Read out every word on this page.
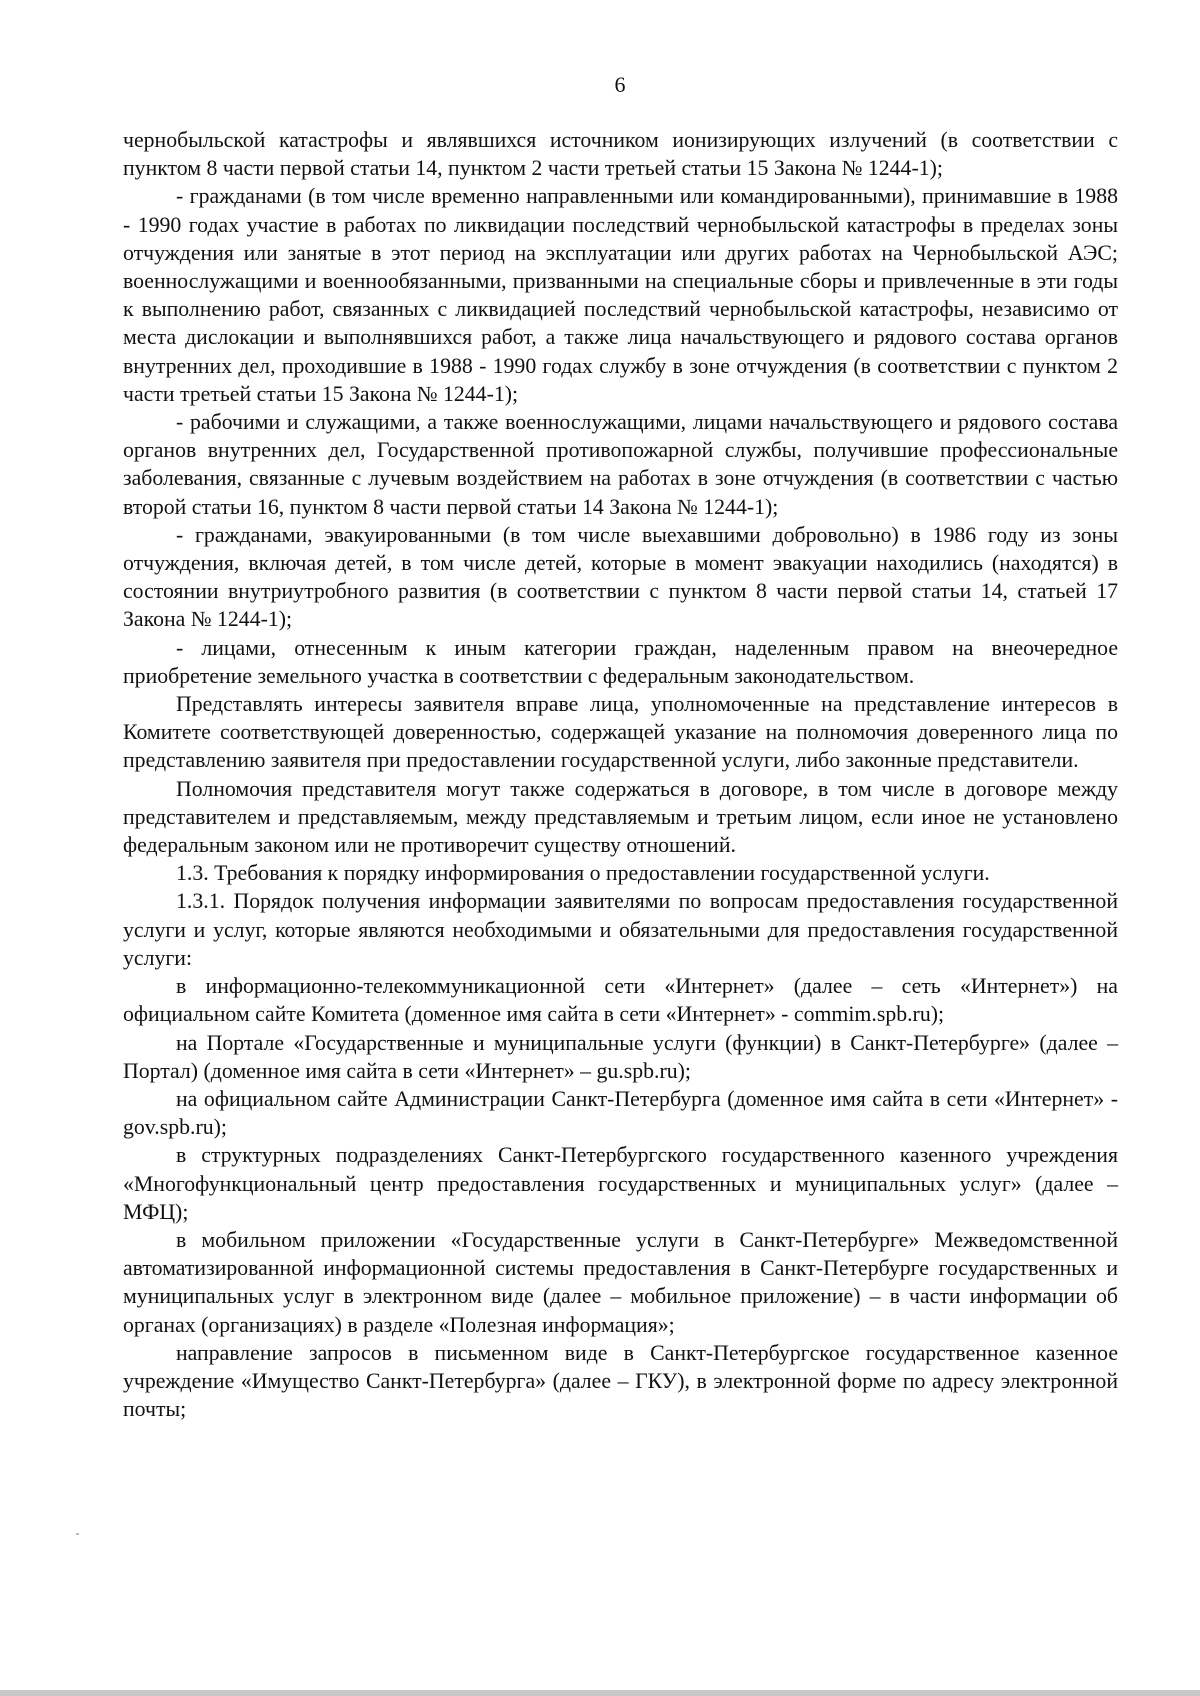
6

чернобыльской катастрофы и являвшихся источником ионизирующих излучений (в соответствии с пунктом 8 части первой статьи 14, пунктом 2 части третьей статьи 15 Закона № 1244-1);

- гражданами (в том числе временно направленными или командированными), принимавшие в 1988 - 1990 годах участие в работах по ликвидации последствий чернобыльской катастрофы в пределах зоны отчуждения или занятые в этот период на эксплуатации или других работах на Чернобыльской АЭС; военнослужащими и военнообязанными, призванными на специальные сборы и привлеченные в эти годы к выполнению работ, связанных с ликвидацией последствий чернобыльской катастрофы, независимо от места дислокации и выполнявшихся работ, а также лица начальствующего и рядового состава органов внутренних дел, проходившие в 1988 - 1990 годах службу в зоне отчуждения (в соответствии с пунктом 2 части третьей статьи 15 Закона № 1244-1);

- рабочими и служащими, а также военнослужащими, лицами начальствующего и рядового состава органов внутренних дел, Государственной противопожарной службы, получившие профессиональные заболевания, связанные с лучевым воздействием на работах в зоне отчуждения (в соответствии с частью второй статьи 16, пунктом 8 части первой статьи 14 Закона № 1244-1);

- гражданами, эвакуированными (в том числе выехавшими добровольно) в 1986 году из зоны отчуждения, включая детей, в том числе детей, которые в момент эвакуации находились (находятся) в состоянии внутриутробного развития (в соответствии с пунктом 8 части первой статьи 14, статьей 17 Закона № 1244-1);

- лицами, отнесенным к иным категории граждан, наделенным правом на внеочередное приобретение земельного участка в соответствии с федеральным законодательством.

Представлять интересы заявителя вправе лица, уполномоченные на представление интересов в Комитете соответствующей доверенностью, содержащей указание на полномочия доверенного лица по представлению заявителя при предоставлении государственной услуги, либо законные представители.

Полномочия представителя могут также содержаться в договоре, в том числе в договоре между представителем и представляемым, между представляемым и третьим лицом, если иное не установлено федеральным законом или не противоречит существу отношений.

1.3. Требования к порядку информирования о предоставлении государственной услуги.

1.3.1. Порядок получения информации заявителями по вопросам предоставления государственной услуги и услуг, которые являются необходимыми и обязательными для предоставления государственной услуги:

в информационно-телекоммуникационной сети «Интернет» (далее – сеть «Интернет») на официальном сайте Комитета (доменное имя сайта в сети «Интернет» - commim.spb.ru);

на Портале «Государственные и муниципальные услуги (функции) в Санкт-Петербурге» (далее – Портал) (доменное имя сайта в сети «Интернет» – gu.spb.ru);

на официальном сайте Администрации Санкт-Петербурга (доменное имя сайта в сети «Интернет» - gov.spb.ru);

в структурных подразделениях Санкт-Петербургского государственного казенного учреждения «Многофункциональный центр предоставления государственных и муниципальных услуг» (далее – МФЦ);

в мобильном приложении «Государственные услуги в Санкт-Петербурге» Межведомственной автоматизированной информационной системы предоставления в Санкт-Петербурге государственных и муниципальных услуг в электронном виде (далее – мобильное приложение) – в части информации об органах (организациях) в разделе «Полезная информация»;

направление запросов в письменном виде в Санкт-Петербургское государственное казенное учреждение «Имущество Санкт-Петербурга» (далее – ГКУ), в электронной форме по адресу электронной почты;
